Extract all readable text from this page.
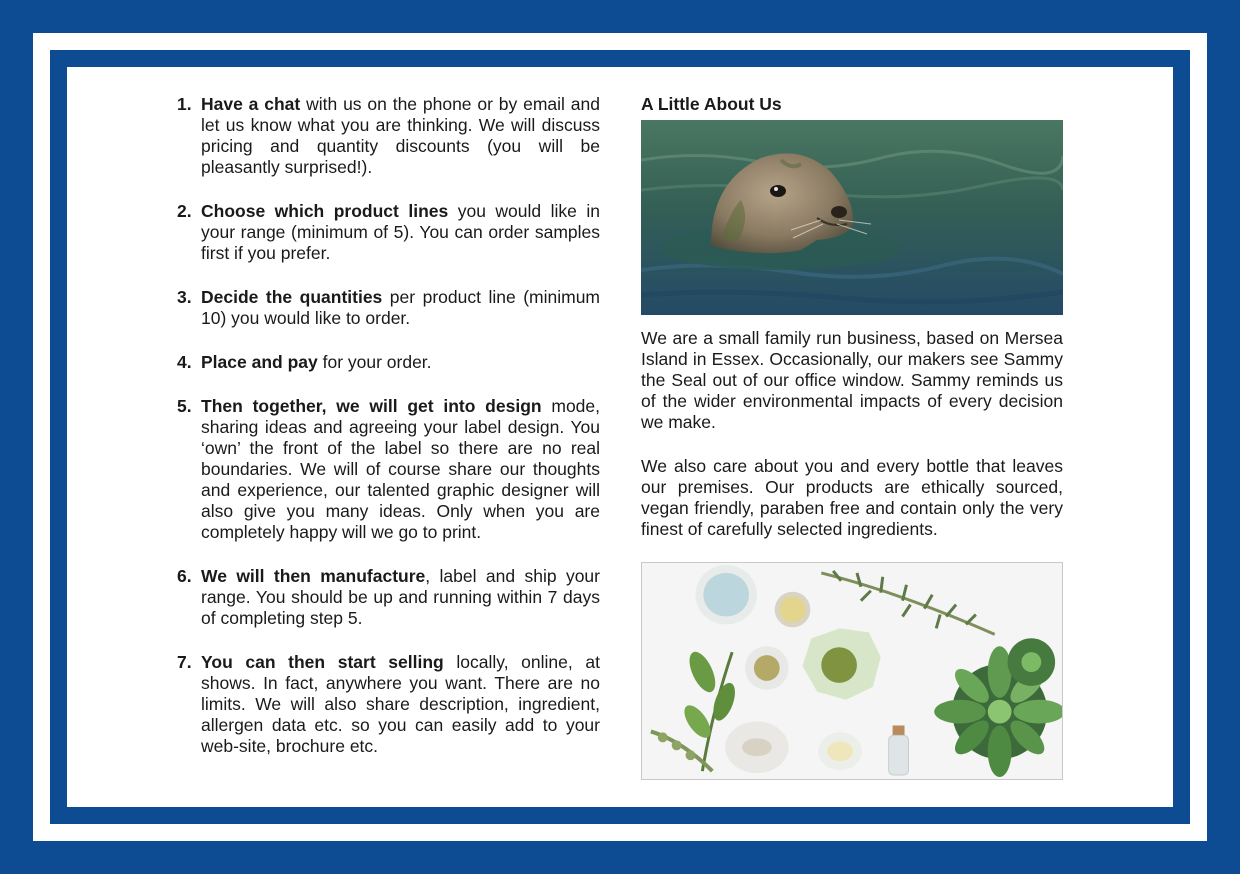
1. Have a chat with us on the phone or by email and let us know what you are thinking. We will discuss pricing and quantity discounts (you will be pleasantly surprised!).
2. Choose which product lines you would like in your range (minimum of 5). You can order samples first if you prefer.
3. Decide the quantities per product line (minimum 10) you would like to order.
4. Place and pay for your order.
5. Then together, we will get into design mode, sharing ideas and agreeing your label design. You ‘own’ the front of the label so there are no real boundaries. We will of course share our thoughts and experience, our talented graphic designer will also give you many ideas. Only when you are completely happy will we go to print.
6. We will then manufacture, label and ship your range. You should be up and running within 7 days of completing step 5.
7. You can then start selling locally, online, at shows. In fact, anywhere you want. There are no limits. We will also share description, ingredient, allergen data etc. so you can easily add to your web-site, brochure etc.
A Little About Us

We are a small family run business, based on Mersea Island in Essex. Occasionally, our makers see Sammy the Seal out of our office window. Sammy reminds us of the wider environmental impacts of every decision we make.

We also care about you and every bottle that leaves our premises. Our products are ethically sourced, vegan friendly, paraben free and contain only the very finest of carefully selected ingredients.
